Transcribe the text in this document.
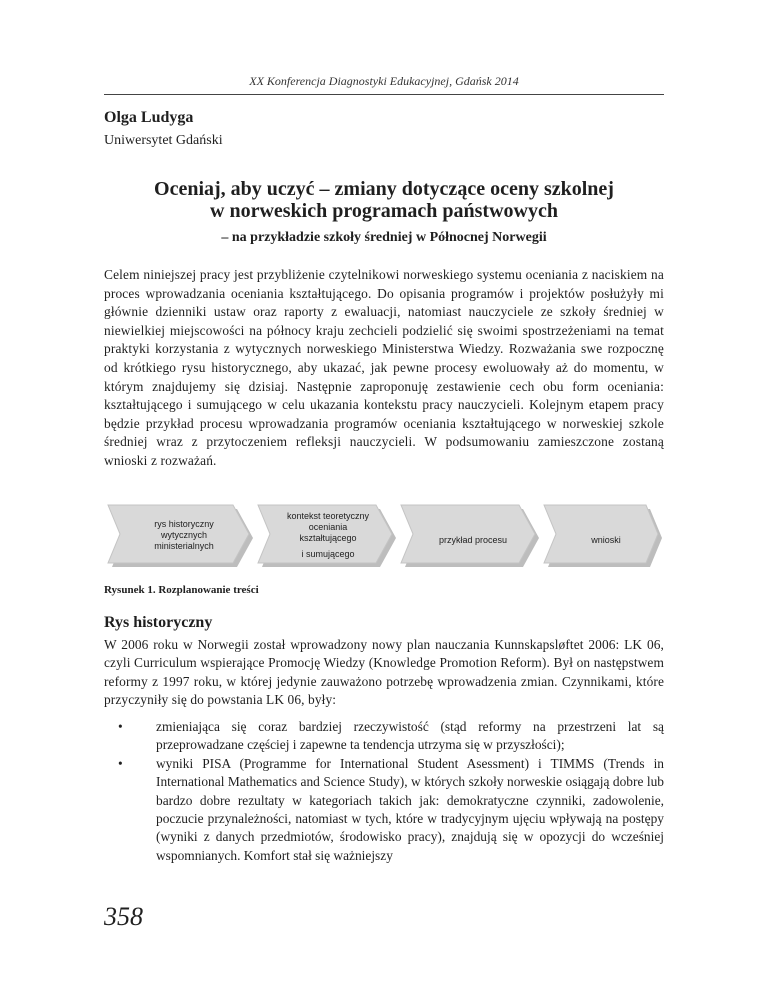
XX Konferencja Diagnostyki Edukacyjnej, Gdańsk 2014
Olga Ludyga
Uniwersytet Gdański
Oceniaj, aby uczyć – zmiany dotyczące oceny szkolnej
w norweskich programach państwowych
– na przykładzie szkoły średniej w Północnej Norwegii
Celem niniejszej pracy jest przybliżenie czytelnikowi norweskiego systemu oceniania z naciskiem na proces wprowadzania oceniania kształtującego. Do opisania programów i projektów posłużyły mi głównie dzienniki ustaw oraz raporty z ewaluacji, natomiast nauczyciele ze szkoły średniej w niewielkiej miejscowości na północy kraju zechcieli podzielić się swoimi spostrzeżeniami na temat praktyki korzystania z wytycznych norweskiego Ministerstwa Wiedzy. Rozważania swe rozpocznę od krótkiego rysu historycznego, aby ukazać, jak pewne procesy ewoluowały aż do momentu, w którym znajdujemy się dzisiaj. Następnie zaproponuję zestawienie cech obu form oceniania: kształtującego i sumującego w celu ukazania kontekstu pracy nauczycieli. Kolejnym etapem pracy będzie przykład procesu wprowadzania programów oceniania kształtującego w norweskiej szkole średniej wraz z przytoczeniem refleksji nauczycieli. W podsumowaniu zamieszczone zostaną wnioski z rozważań.
rys historyczny
wytycznych
ministerialnych
kontekst teoretyczny
oceniania
kształtującego
i sumującego
przykład procesu	wnioski
Rysunek 1. Rozplanowanie treści
Rys historyczny
W 2006 roku w Norwegii został wprowadzony nowy plan nauczania Kunnskapsløftet 2006: LK 06, czyli Curriculum wspierające Promocję Wiedzy (Knowledge Promotion Reform). Był on następstwem reformy z 1997 roku, w której jedynie zauważono potrzebę wprowadzenia zmian. Czynnikami, które przyczyniły się do powstania LK 06, były:
• zmieniająca się coraz bardziej rzeczywistość (stąd reformy na przestrzeni lat są przeprowadzane częściej i zapewne ta tendencja utrzyma się w przyszłości);
• wyniki PISA (Programme for International Student Asessment) i TIMMS (Trends in International Mathematics and Science Study), w których szkoły norweskie osiągają dobre lub bardzo dobre rezultaty w kategoriach takich jak: demokratyczne czynniki, zadowolenie, poczucie przynależności, natomiast w tych, które w tradycyjnym ujęciu wpływają na postępy (wyniki z danych przedmiotów, środowisko pracy), znajdują się w opozycji do wcześniej wspomnianych. Komfort stał się ważniejszy
358
